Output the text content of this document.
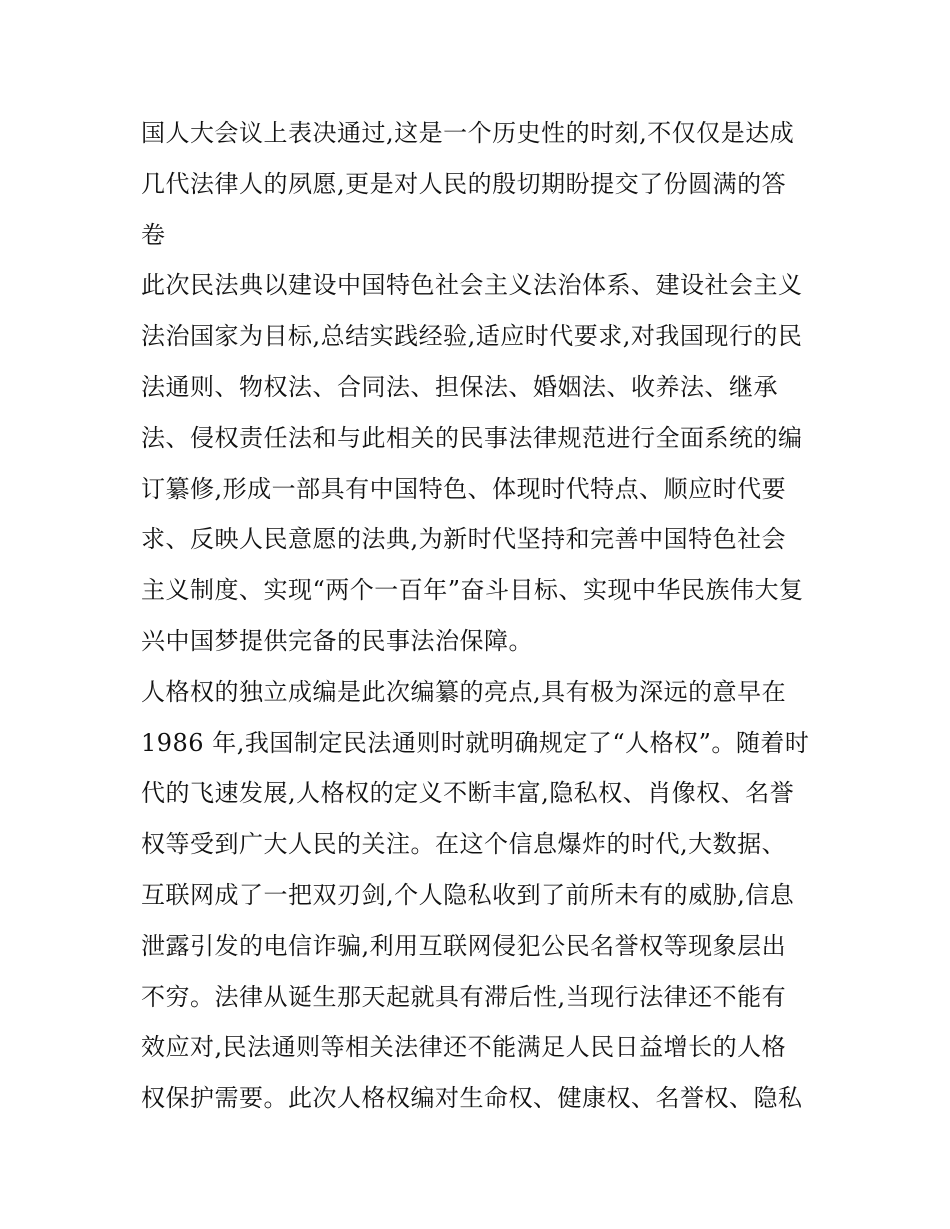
国人大会议上表决通过,这是一个历史性的时刻,不仅仅是达成
几代法律人的夙愿,更是对人民的殷切期盼提交了份圆满的答
卷
此次民法典以建设中国特色社会主义法治体系、建设社会主义
法治国家为目标,总结实践经验,适应时代要求,对我国现行的民
法通则、物权法、合同法、担保法、婚姻法、收养法、继承
法、侵权责任法和与此相关的民事法律规范进行全面系统的编
订纂修,形成一部具有中国特色、体现时代特点、顺应时代要
求、反映人民意愿的法典,为新时代坚持和完善中国特色社会
主义制度、实现“两个一百年”奋斗目标、实现中华民族伟大复
兴中国梦提供完备的民事法治保障。
人格权的独立成编是此次编纂的亮点,具有极为深远的意早在
1986 年,我国制定民法通则时就明确规定了“人格权”。随着时
代的飞速发展,人格权的定义不断丰富,隐私权、肖像权、名誉
权等受到广大人民的关注。在这个信息爆炸的时代,大数据、
互联网成了一把双刃剑,个人隐私收到了前所未有的威胁,信息
泄露引发的电信诈骗,利用互联网侵犯公民名誉权等现象层出
不穷。法律从诞生那天起就具有滞后性,当现行法律还不能有
效应对,民法通则等相关法律还不能满足人民日益增长的人格
权保护需要。此次人格权编对生命权、健康权、名誉权、隐私
